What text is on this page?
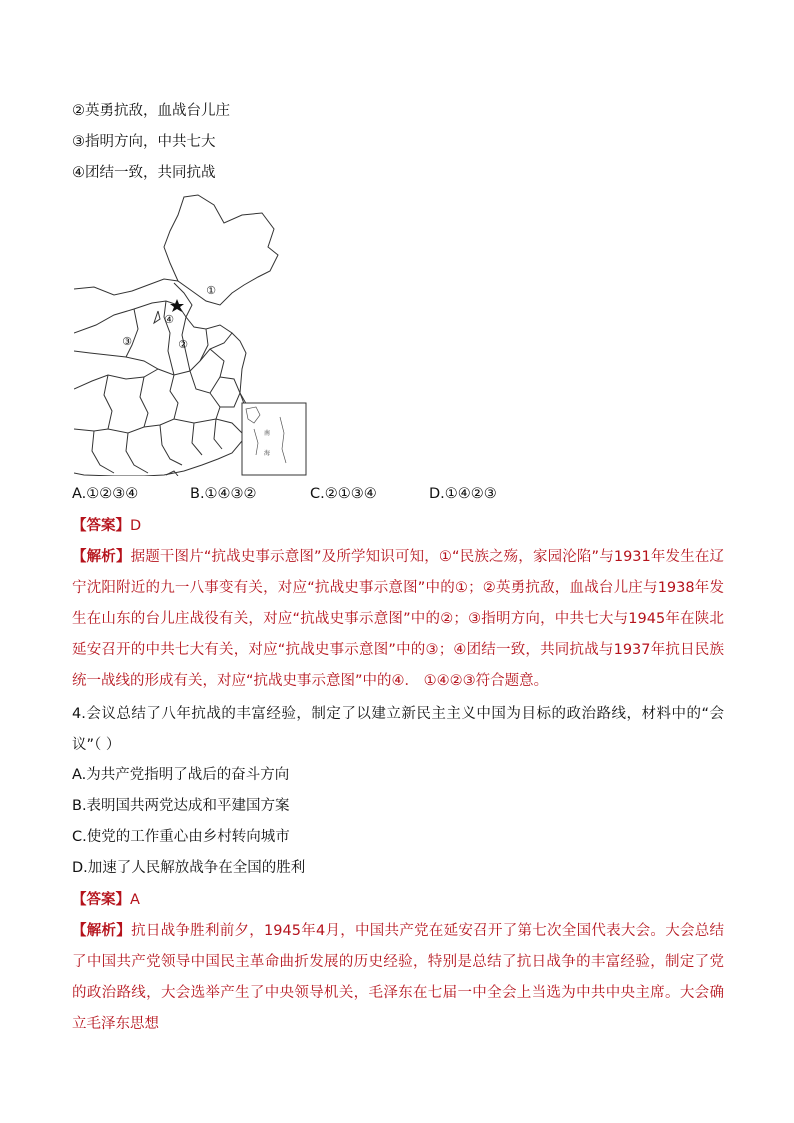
②英勇抗敌，血战台儿庄
③指明方向，中共七大
④团结一致，共同抗战
南
海
①
②
③
④
A.①②③④	B.①④③②	C.②①③④	D.①④②③
【答案】D
【解析】据题干图片“抗战史事示意图”及所学知识可知，①“民族之殇，家园沦陷”与1931年发生在辽宁沈阳附近的九一八事变有关，对应“抗战史事示意图”中的①；②英勇抗敌，血战台儿庄与1938年发生在山东的台儿庄战役有关，对应“抗战史事示意图”中的②；③指明方向，中共七大与1945年在陕北延安召开的中共七大有关，对应“抗战史事示意图”中的③；④团结一致，共同抗战与1937年抗日民族统一战线的形成有关，对应“抗战史事示意图”中的④． ①④②③符合题意。
4.会议总结了八年抗战的丰富经验，制定了以建立新民主主义中国为目标的政治路线，材料中的“会议”（ ）
A.为共产党指明了战后的奋斗方向
B.表明国共两党达成和平建国方案
C.使党的工作重心由乡村转向城市
D.加速了人民解放战争在全国的胜利
【答案】A
【解析】抗日战争胜利前夕，1945年4月，中国共产党在延安召开了第七次全国代表大会。大会总结了中国共产党领导中国民主革命曲折发展的历史经验，特别是总结了抗日战争的丰富经验，制定了党的政治路线，大会选举产生了中央领导机关，毛泽东在七届一中全会上当选为中共中央主席。大会确立毛泽东思想
